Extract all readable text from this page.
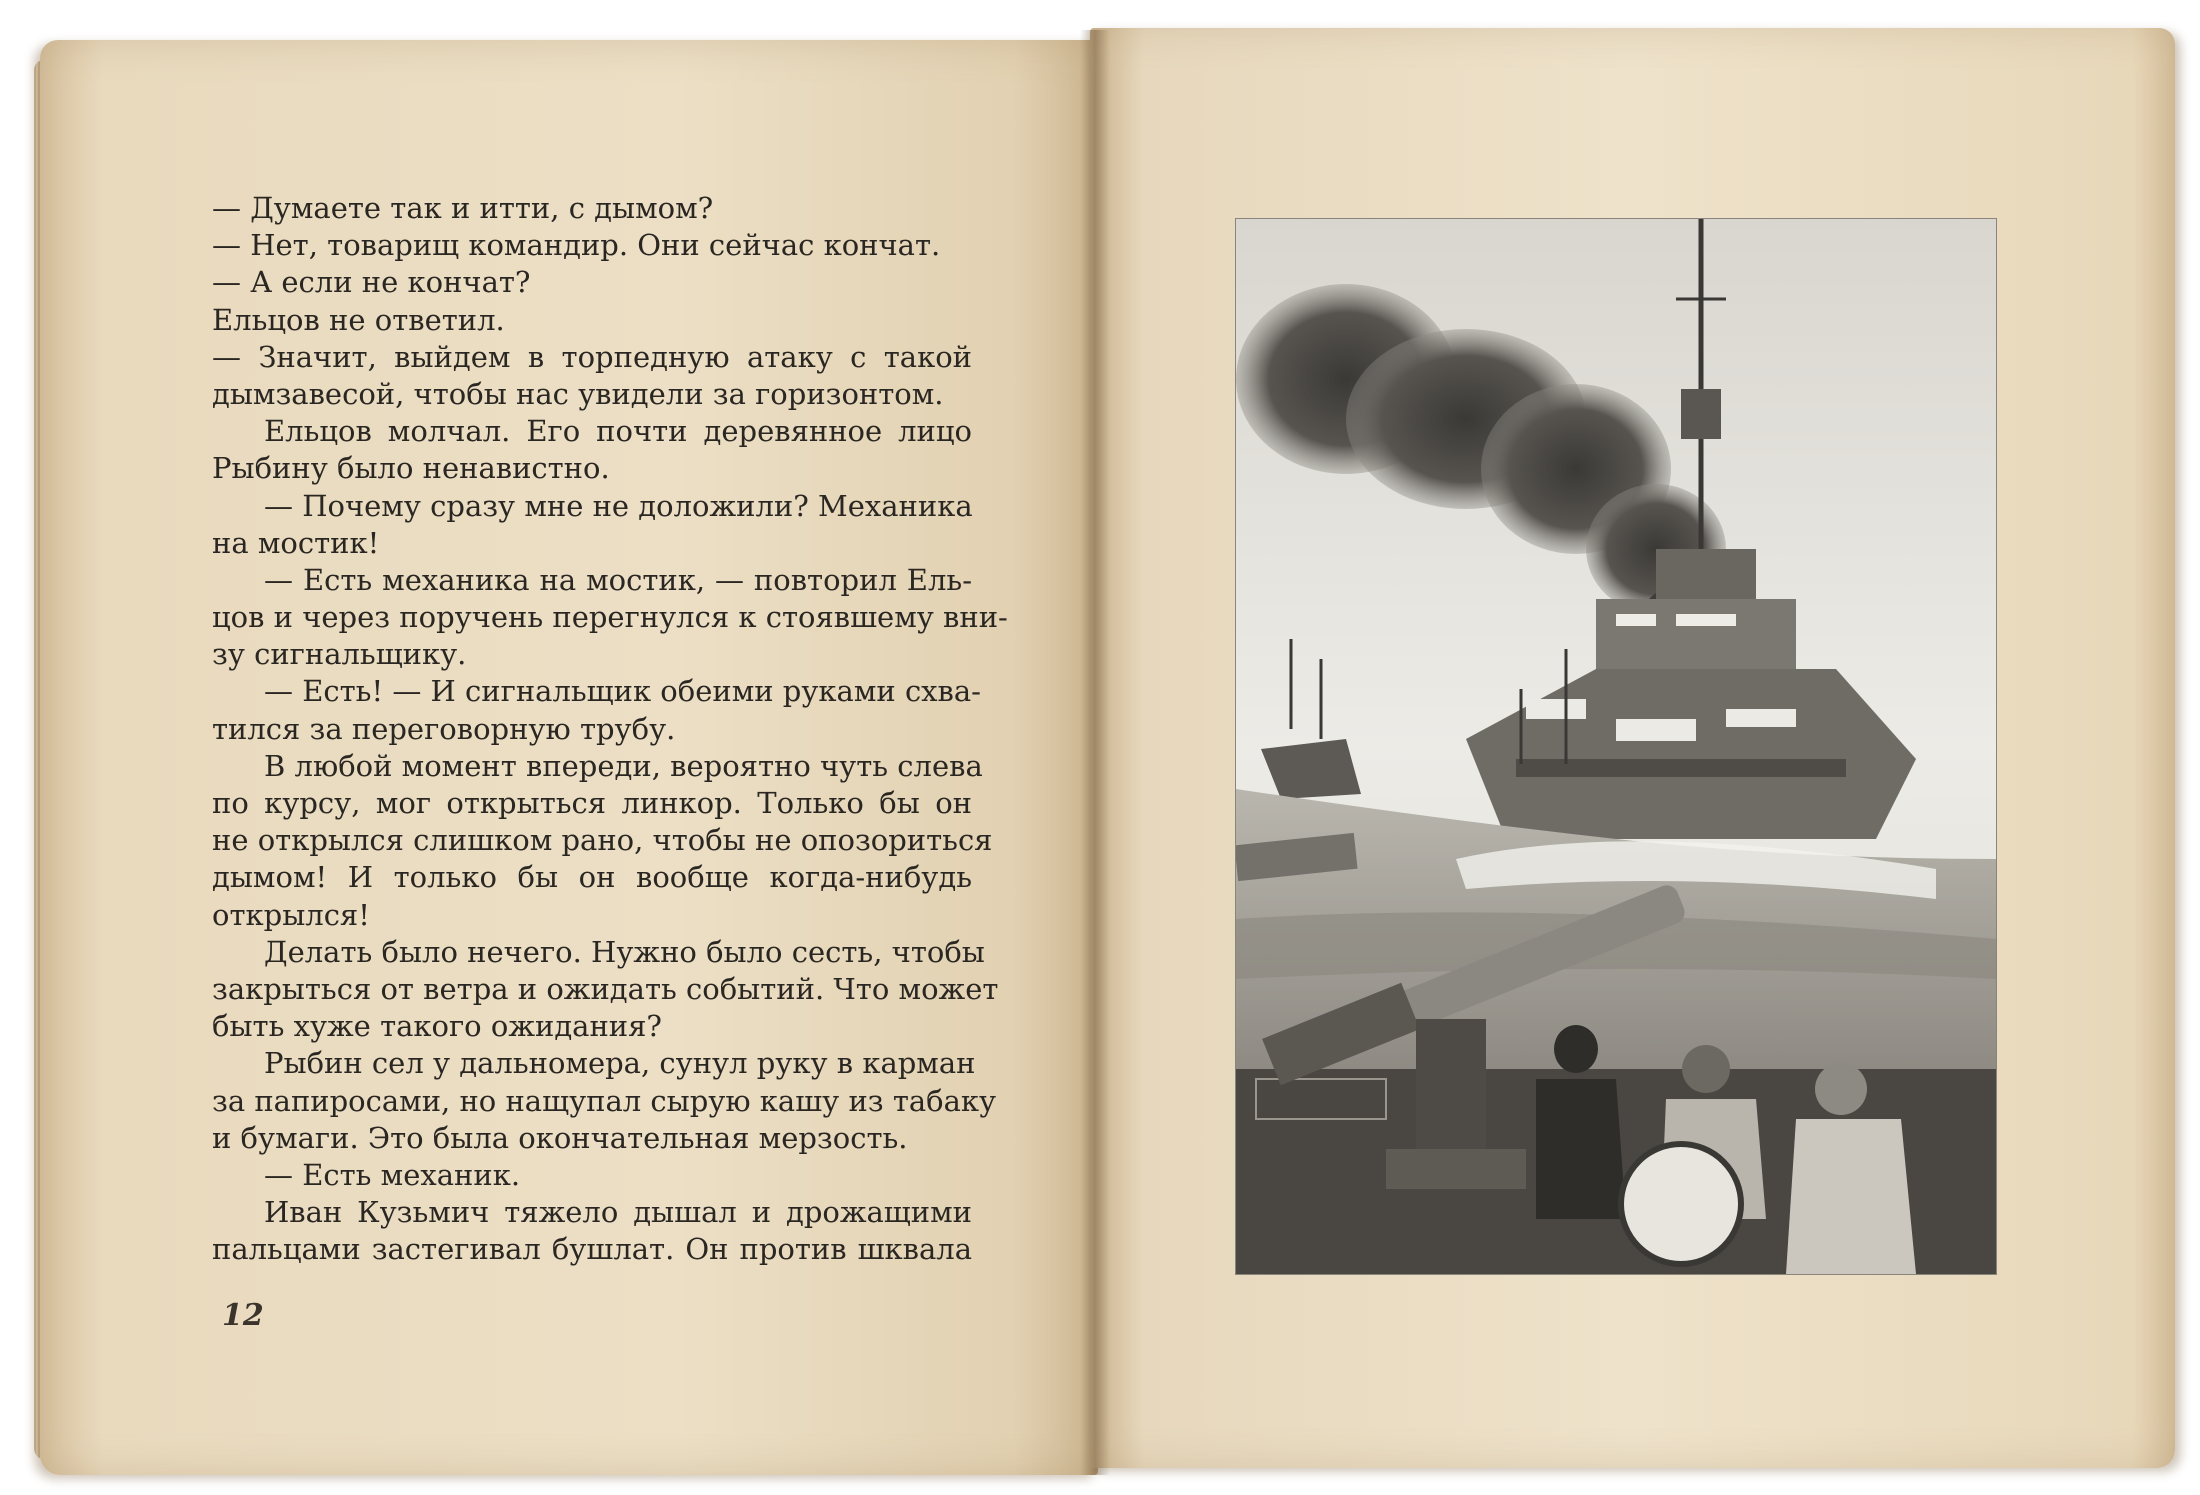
— Думаете так и итти, с дымом?
— Нет, товарищ командир. Они сейчас кончат.
— А если не кончат?
Ельцов не ответил.
— Значит, выйдем в торпедную атаку с такой
дымзавесой, чтобы нас увидели за горизонтом.
Ельцов молчал. Его почти деревянное лицо
Рыбину было ненавистно.
— Почему сразу мне не доложили? Механика
на мостик!
— Есть механика на мостик, — повторил Ель-
цов и через поручень перегнулся к стоявшему вни-
зу сигнальщику.
— Есть! — И сигнальщик обеими руками схва-
тился за переговорную трубу.
В любой момент впереди, вероятно чуть слева
по курсу, мог открыться линкор. Только бы он
не открылся слишком рано, чтобы не опозориться
дымом! И только бы он вообще когда-нибудь
открылся!
Делать было нечего. Нужно было сесть, чтобы
закрыться от ветра и ожидать событий. Что может
быть хуже такого ожидания?
Рыбин сел у дальномера, сунул руку в карман
за папиросами, но нащупал сырую кашу из табаку
и бумаги. Это была окончательная мерзость.
— Есть механик.
Иван Кузьмич тяжело дышал и дрожащими
пальцами застегивал бушлат. Он против шквала
12
